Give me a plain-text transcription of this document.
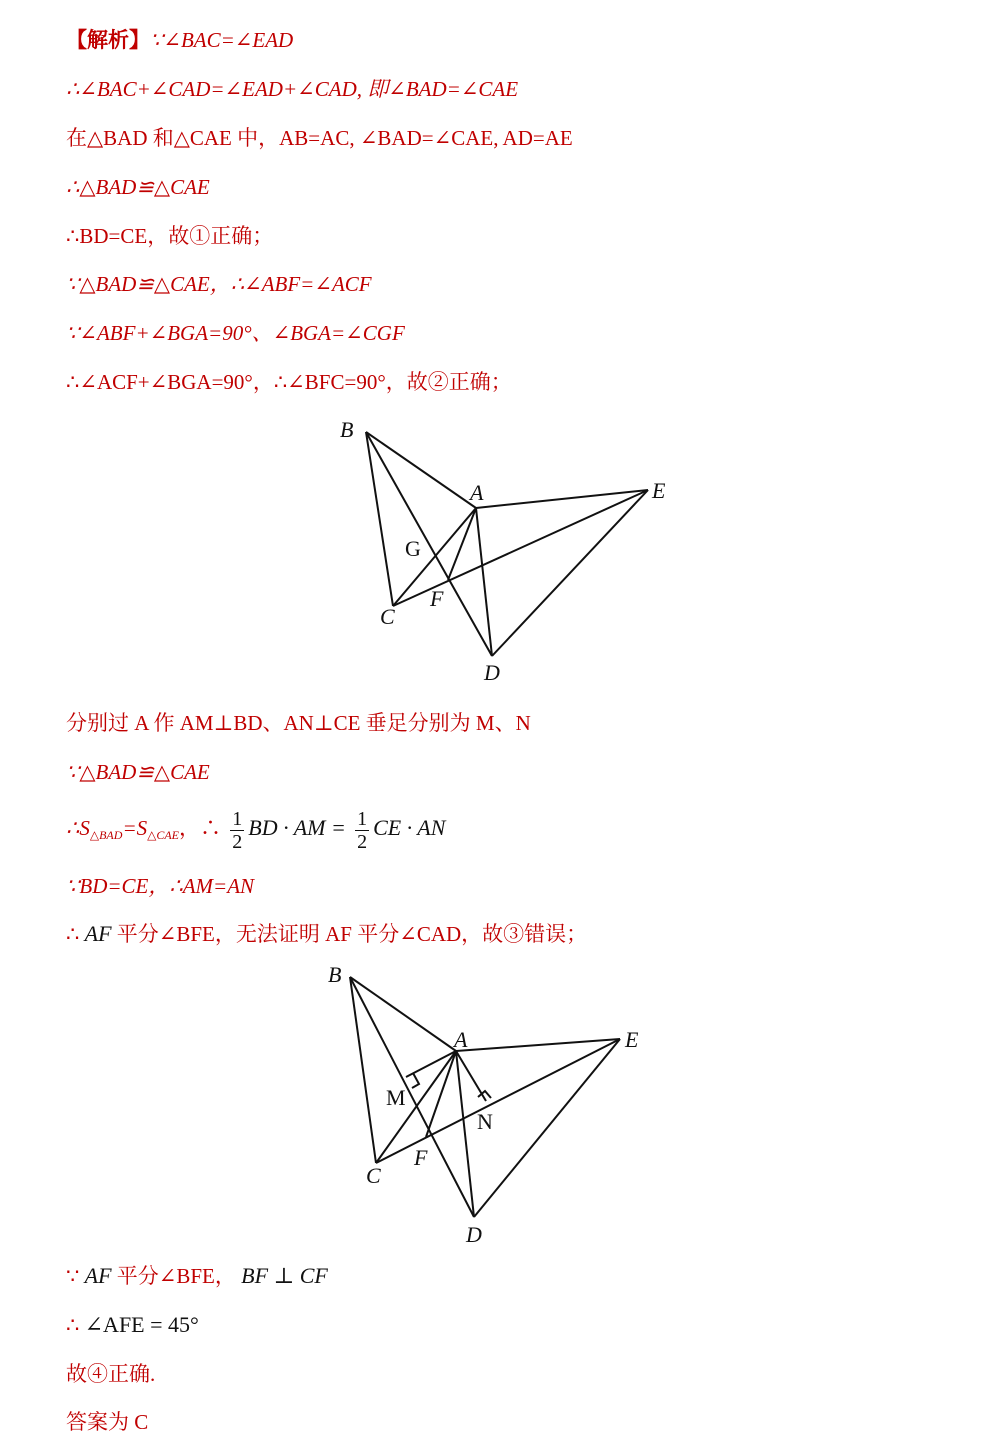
【解析】∵∠BAC=∠EAD
∴∠BAC+∠CAD=∠EAD+∠CAD, 即∠BAD=∠CAE
在△BAD 和△CAE 中，AB=AC, ∠BAD=∠CAE, AD=AE
∴△BAD≌△CAE
∴BD=CE，故①正确；
∵△BAD≌△CAE，∴∠ABF=∠ACF
∵∠ABF+∠BGA=90°、∠BGA=∠CGF
∴∠ACF+∠BGA=90°，∴∠BFC=90°，故②正确；
B
A	E
G
C
F
D
分别过 A 作 AM⊥BD、AN⊥CE 垂足分别为 M、N
∵△BAD≌△CAE
$\therefore S_{\triangle BAD}=S_{\triangle CAE}$，∴ $\frac{1}{2}$ BD · AM = $\frac{1}{2}$ CE · AN
∵BD=CE，∴AM=AN
∴ AF 平分∠BFE，无法证明 AF 平分∠CAD，故③错误；
B
A	E
M
N
C
F
D
∵ AF 平分∠BFE， BF ⊥ CF
∴ ∠AFE = 45°
故④正确.
答案为 C
